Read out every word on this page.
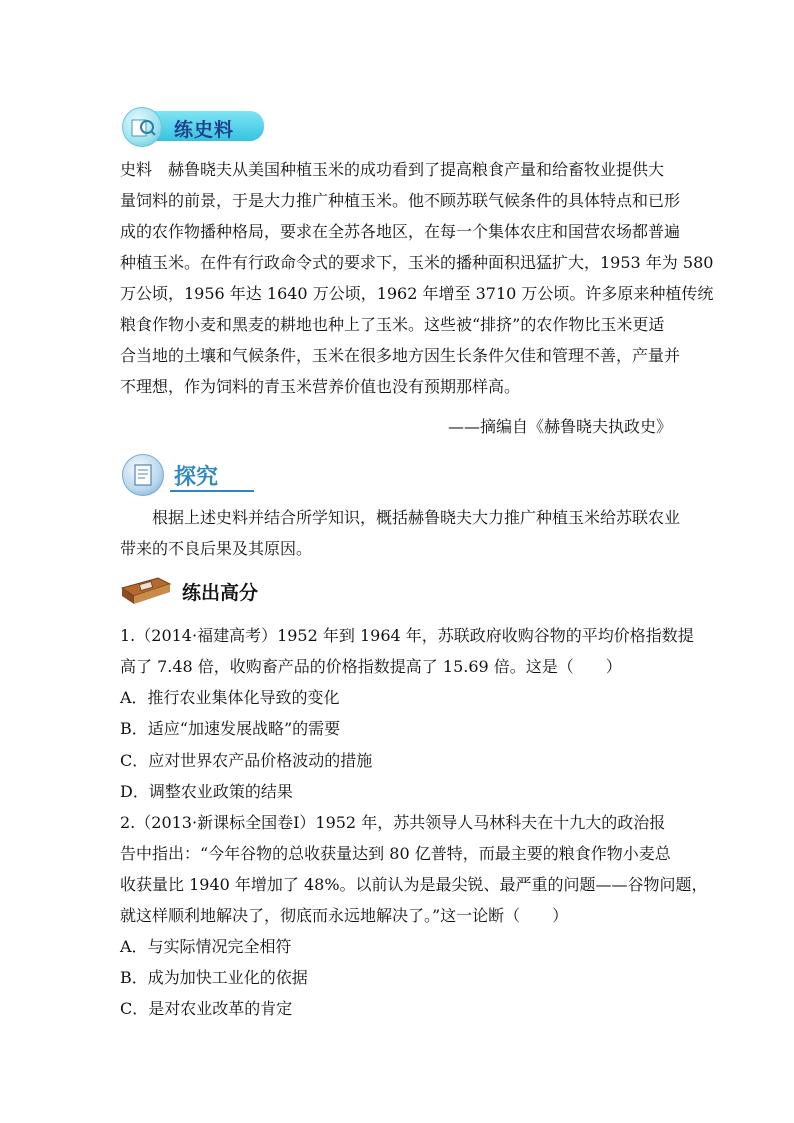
练史料
史料　赫鲁晓夫从美国种植玉米的成功看到了提高粮食产量和给畜牧业提供大
量饲料的前景，于是大力推广种植玉米。他不顾苏联气候条件的具体特点和已形
成的农作物播种格局，要求在全苏各地区，在每一个集体农庄和国营农场都普遍
种植玉米。在件有行政命令式的要求下，玉米的播种面积迅猛扩大，1953 年为 580
万公顷，1956 年达 1640 万公顷，1962 年增至 3710 万公顷。许多原来种植传统
粮食作物小麦和黑麦的耕地也种上了玉米。这些被“排挤”的农作物比玉米更适
合当地的土壤和气候条件，玉米在很多地方因生长条件欠佳和管理不善，产量并
不理想，作为饲料的青玉米营养价值也没有预期那样高。
——摘编自《赫鲁晓夫执政史》
探究
　　根据上述史料并结合所学知识，概括赫鲁晓夫大力推广种植玉米给苏联农业
带来的不良后果及其原因。
练出高分
1.（2014·福建高考）1952 年到 1964 年，苏联政府收购谷物的平均价格指数提
高了 7.48 倍，收购畜产品的价格指数提高了 15.69 倍。这是（　　）
A．推行农业集体化导致的变化
B．适应“加速发展战略”的需要
C．应对世界农产品价格波动的措施
D．调整农业政策的结果
2.（2013·新课标全国卷Ⅰ）1952 年，苏共领导人马林科夫在十九大的政治报
告中指出：“今年谷物的总收获量达到 80 亿普特，而最主要的粮食作物小麦总
收获量比 1940 年增加了 48%。以前认为是最尖锐、最严重的问题——谷物问题，
就这样顺利地解决了，彻底而永远地解决了。”这一论断（　　）
A．与实际情况完全相符
B．成为加快工业化的依据
C．是对农业改革的肯定
